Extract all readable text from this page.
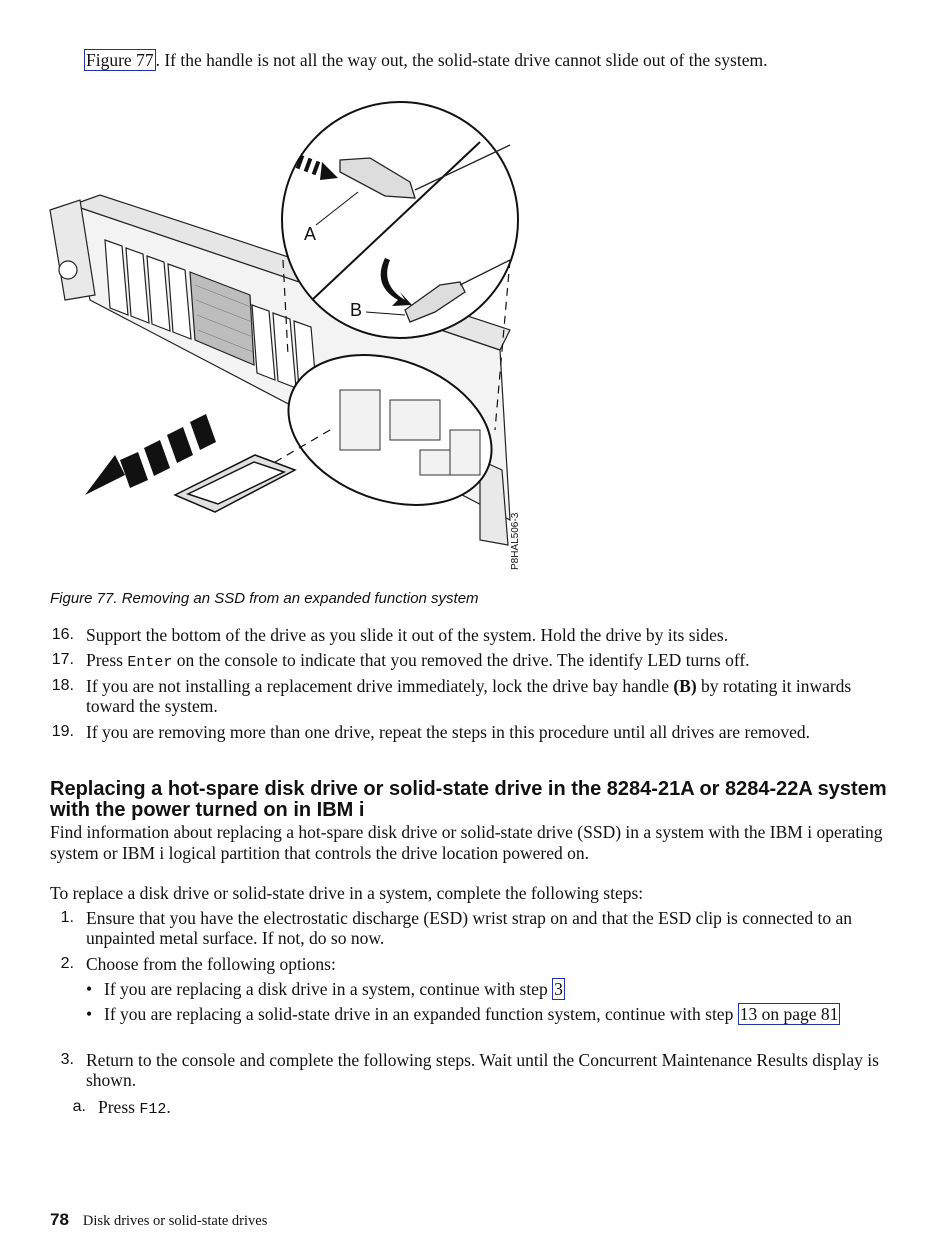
Figure 77 . If the handle is not all the way out, the solid-state drive cannot slide out of the system.
A
B
P8HAL506-3
Figure 77. Removing an SSD from an expanded function system
16. Support the bottom of the drive as you slide it out of the system. Hold the drive by its sides.
17. Press Enter on the console to indicate that you removed the drive. The identify LED turns off.
18. If you are not installing a replacement drive immediately, lock the drive bay handle (B) by rotating it inwards toward the system.
19. If you are removing more than one drive, repeat the steps in this procedure until all drives are removed.
Replacing a hot-spare disk drive or solid-state drive in the 8284-21A or 8284-22A system with the power turned on in IBM i
Find information about replacing a hot-spare disk drive or solid-state drive (SSD) in a system with the IBM i operating system or IBM i logical partition that controls the drive location powered on.
To replace a disk drive or solid-state drive in a system, complete the following steps:
1. Ensure that you have the electrostatic discharge (ESD) wrist strap on and that the ESD clip is connected to an unpainted metal surface. If not, do so now.
2. Choose from the following options:
• If you are replacing a disk drive in a system, continue with step 3
• If you are replacing a solid-state drive in an expanded function system, continue with step 13 on page 81
3. Return to the console and complete the following steps. Wait until the Concurrent Maintenance Results display is shown.
a. Press F12.
78 Disk drives or solid-state drives
